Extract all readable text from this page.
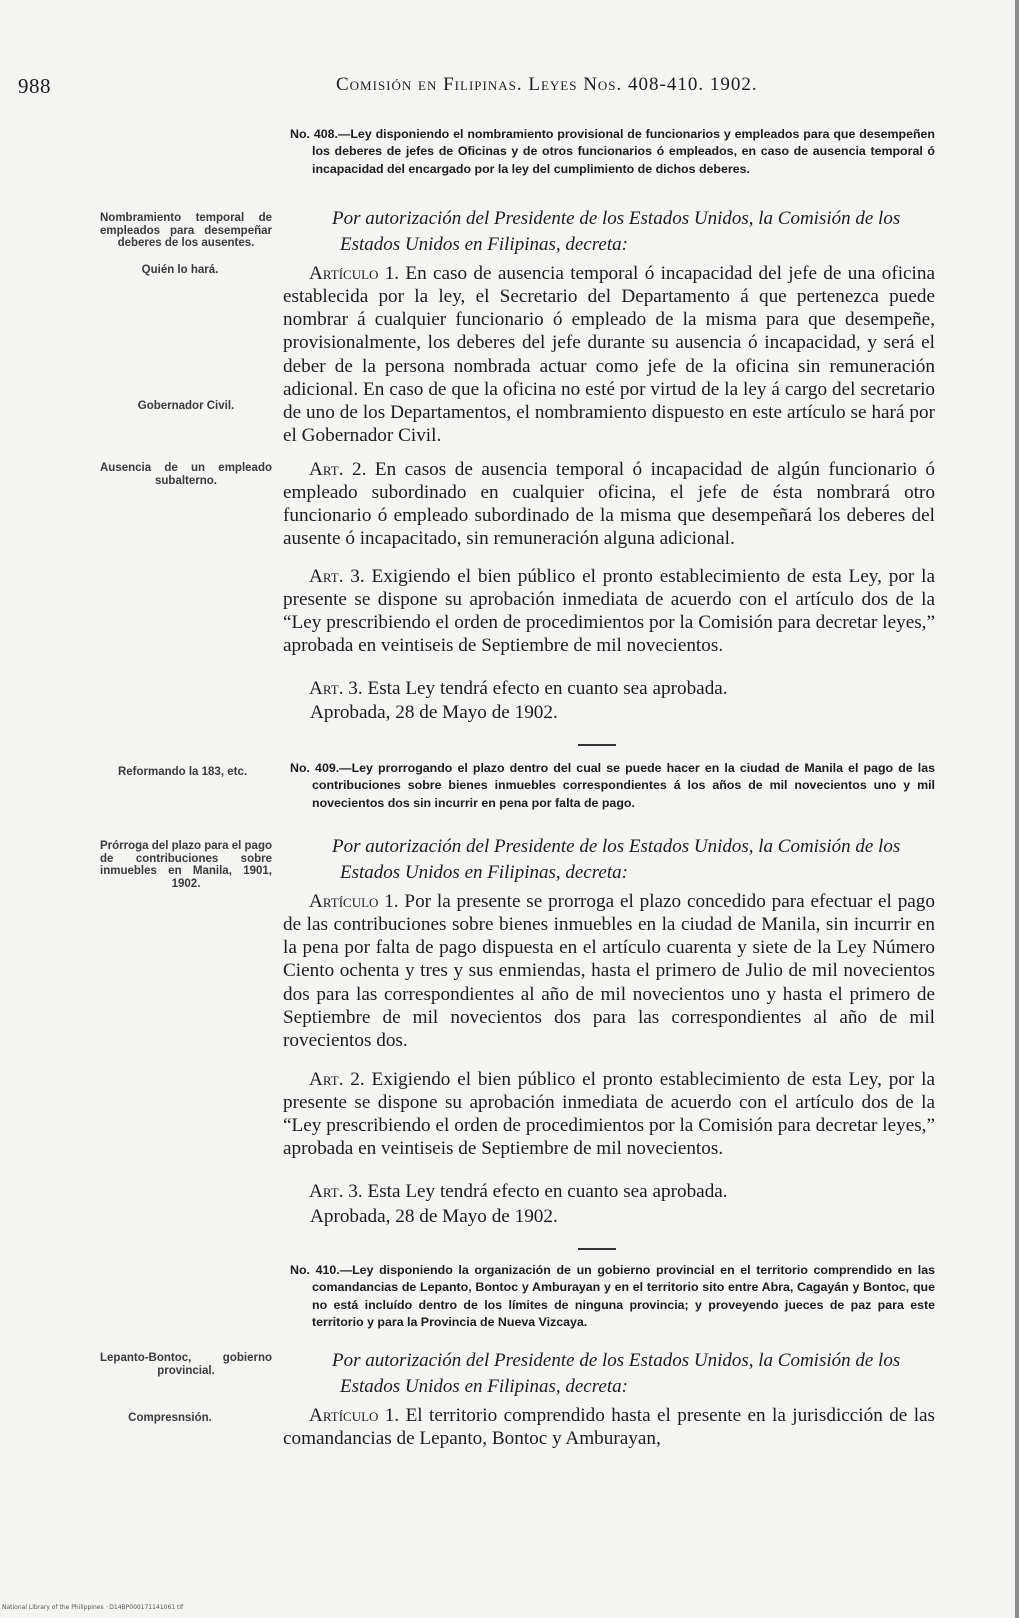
988	Comisión en Filipinas. Leyes Nos. 408-410. 1902.
Nombramiento temporal de empleados para desempeñar deberes de los ausentes.
Quién lo hará.
Gobernador Civil.
Ausencia de un empleado subalterno.
Reformando la 183, etc.
Prórroga del plazo para el pago de contribuciones sobre inmuebles en Manila, 1901, 1902.
Lepanto-Bontoc, gobierno provincial.
Compresnsión.
No. 408.—Ley disponiendo el nombramiento provisional de funcionarios y empleados para que desempeñen los deberes de jefes de Oficinas y de otros funcionarios ó empleados, en caso de ausencia temporal ó incapacidad del encargado por la ley del cumplimiento de dichos deberes.
Por autorización del Presidente de los Estados Unidos, la Comisión de los Estados Unidos en Filipinas, decreta:
Artículo 1. En caso de ausencia temporal ó incapacidad del jefe de una oficina establecida por la ley, el Secretario del Departamento á que pertenezca puede nombrar á cualquier funcionario ó empleado de la misma para que desempeñe, provisionalmente, los deberes del jefe durante su ausencia ó incapacidad, y será el deber de la persona nombrada actuar como jefe de la oficina sin remuneración adicional. En caso de que la oficina no esté por virtud de la ley á cargo del secretario de uno de los Departamentos, el nombramiento dispuesto en este artículo se hará por el Gobernador Civil.
Art. 2. En casos de ausencia temporal ó incapacidad de algún funcionario ó empleado subordinado en cualquier oficina, el jefe de ésta nombrará otro funcionario ó empleado subordinado de la misma que desempeñará los deberes del ausente ó incapacitado, sin remuneración alguna adicional.
Art. 3. Exigiendo el bien público el pronto establecimiento de esta Ley, por la presente se dispone su aprobación inmediata de acuerdo con el artículo dos de la “Ley prescribiendo el orden de procedimientos por la Comisión para decretar leyes,” aprobada en veintiseis de Septiembre de mil novecientos.
Art. 3. Esta Ley tendrá efecto en cuanto sea aprobada.
Aprobada, 28 de Mayo de 1902.
No. 409.—Ley prorrogando el plazo dentro del cual se puede hacer en la ciudad de Manila el pago de las contribuciones sobre bienes inmuebles correspondientes á los años de mil novecientos uno y mil novecientos dos sin incurrir en pena por falta de pago.
Por autorización del Presidente de los Estados Unidos, la Comisión de los Estados Unidos en Filipinas, decreta:
Artículo 1. Por la presente se prorroga el plazo concedido para efectuar el pago de las contribuciones sobre bienes inmuebles en la ciudad de Manila, sin incurrir en la pena por falta de pago dispuesta en el artículo cuarenta y siete de la Ley Número Ciento ochenta y tres y sus enmiendas, hasta el primero de Julio de mil novecientos dos para las correspondientes al año de mil novecientos uno y hasta el primero de Septiembre de mil novecientos dos para las correspondientes al año de mil rovecientos dos.
Art. 2. Exigiendo el bien público el pronto establecimiento de esta Ley, por la presente se dispone su aprobación inmediata de acuerdo con el artículo dos de la “Ley prescribiendo el orden de procedimientos por la Comisión para decretar leyes,” aprobada en veintiseis de Septiembre de mil novecientos.
Art. 3. Esta Ley tendrá efecto en cuanto sea aprobada.
Aprobada, 28 de Mayo de 1902.
No. 410.—Ley disponiendo la organización de un gobierno provincial en el territorio comprendido en las comandancias de Lepanto, Bontoc y Amburayan y en el territorio sito entre Abra, Cagayán y Bontoc, que no está incluído dentro de los límites de ninguna provincia; y proveyendo jueces de paz para este territorio y para la Provincia de Nueva Vizcaya.
Por autorización del Presidente de los Estados Unidos, la Comisión de los Estados Unidos en Filipinas, decreta:
Artículo 1. El territorio comprendido hasta el presente en la jurisdicción de las comandancias de Lepanto, Bontoc y Amburayan,
National Library of the Philippines · D14BP000171141061 tif
